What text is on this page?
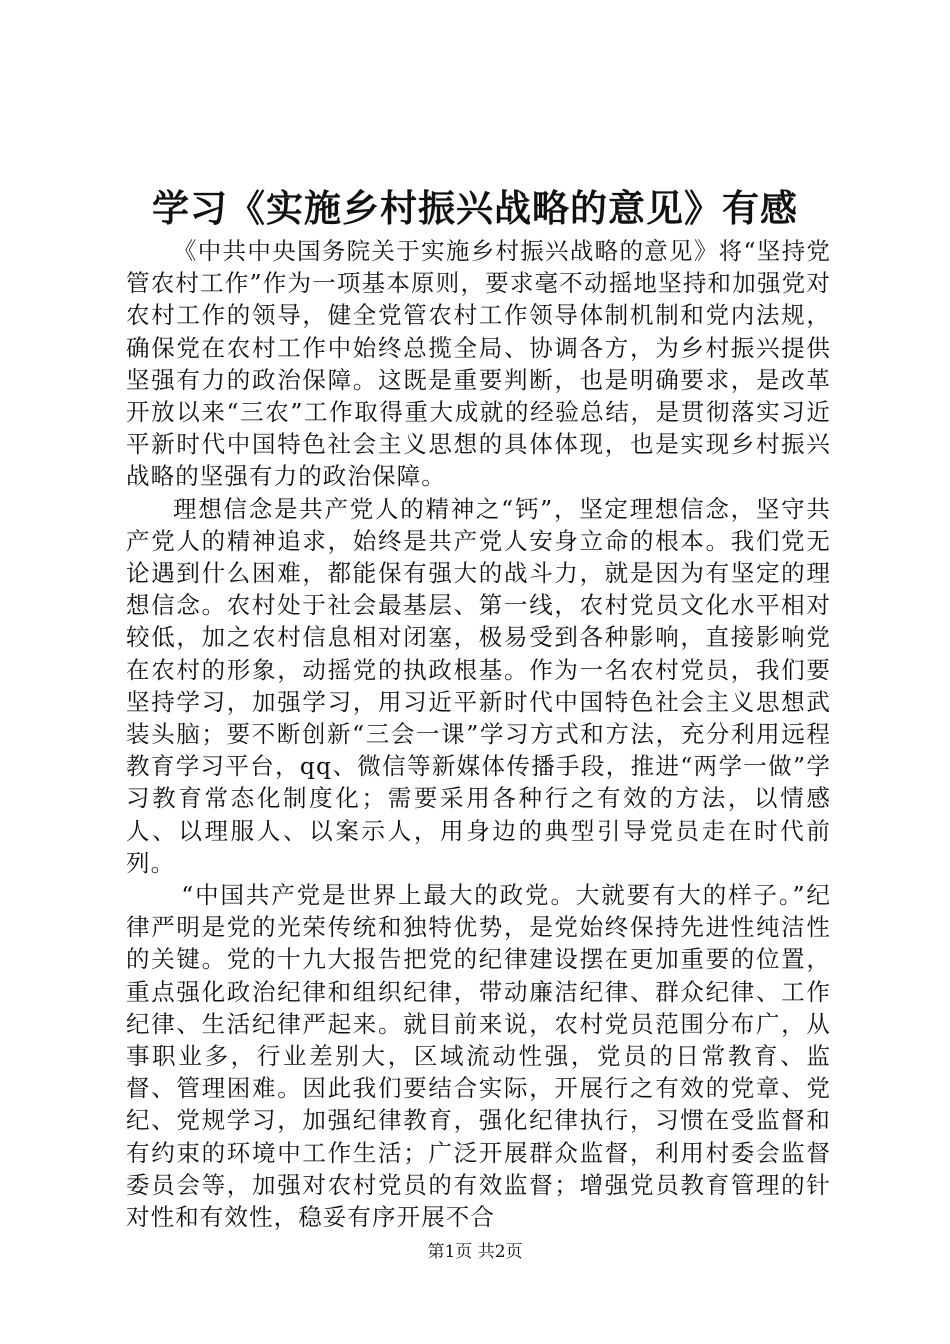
学习《实施乡村振兴战略的意见》有感

《中共中央国务院关于实施乡村振兴战略的意见》将“坚持党管农村工作”作为一项基本原则，要求毫不动摇地坚持和加强党对农村工作的领导，健全党管农村工作领导体制机制和党内法规，确保党在农村工作中始终总揽全局、协调各方，为乡村振兴提供坚强有力的政治保障。这既是重要判断，也是明确要求，是改革开放以来“三农”工作取得重大成就的经验总结，是贯彻落实习近平新时代中国特色社会主义思想的具体体现，也是实现乡村振兴战略的坚强有力的政治保障。

理想信念是共产党人的精神之“钙”，坚定理想信念，坚守共产党人的精神追求，始终是共产党人安身立命的根本。我们党无论遇到什么困难，都能保有强大的战斗力，就是因为有坚定的理想信念。农村处于社会最基层、第一线，农村党员文化水平相对较低，加之农村信息相对闭塞，极易受到各种影响，直接影响党在农村的形象，动摇党的执政根基。作为一名农村党员，我们要坚持学习，加强学习，用习近平新时代中国特色社会主义思想武装头脑；要不断创新“三会一课”学习方式和方法，充分利用远程教育学习平台，qq、微信等新媒体传播手段，推进“两学一做”学习教育常态化制度化；需要采用各种行之有效的方法，以情感人、以理服人、以案示人，用身边的典型引导党员走在时代前列。

“中国共产党是世界上最大的政党。大就要有大的样子。”纪律严明是党的光荣传统和独特优势，是党始终保持先进性纯洁性的关键。党的十九大报告把党的纪律建设摆在更加重要的位置，重点强化政治纪律和组织纪律，带动廉洁纪律、群众纪律、工作纪律、生活纪律严起来。就目前来说，农村党员范围分布广，从事职业多，行业差别大，区域流动性强，党员的日常教育、监督、管理困难。因此我们要结合实际，开展行之有效的党章、党纪、党规学习，加强纪律教育，强化纪律执行，习惯在受监督和有约束的环境中工作生活；广泛开展群众监督，利用村委会监督委员会等，加强对农村党员的有效监督；增强党员教育管理的针对性和有效性，稳妥有序开展不合

第1页 共2页
